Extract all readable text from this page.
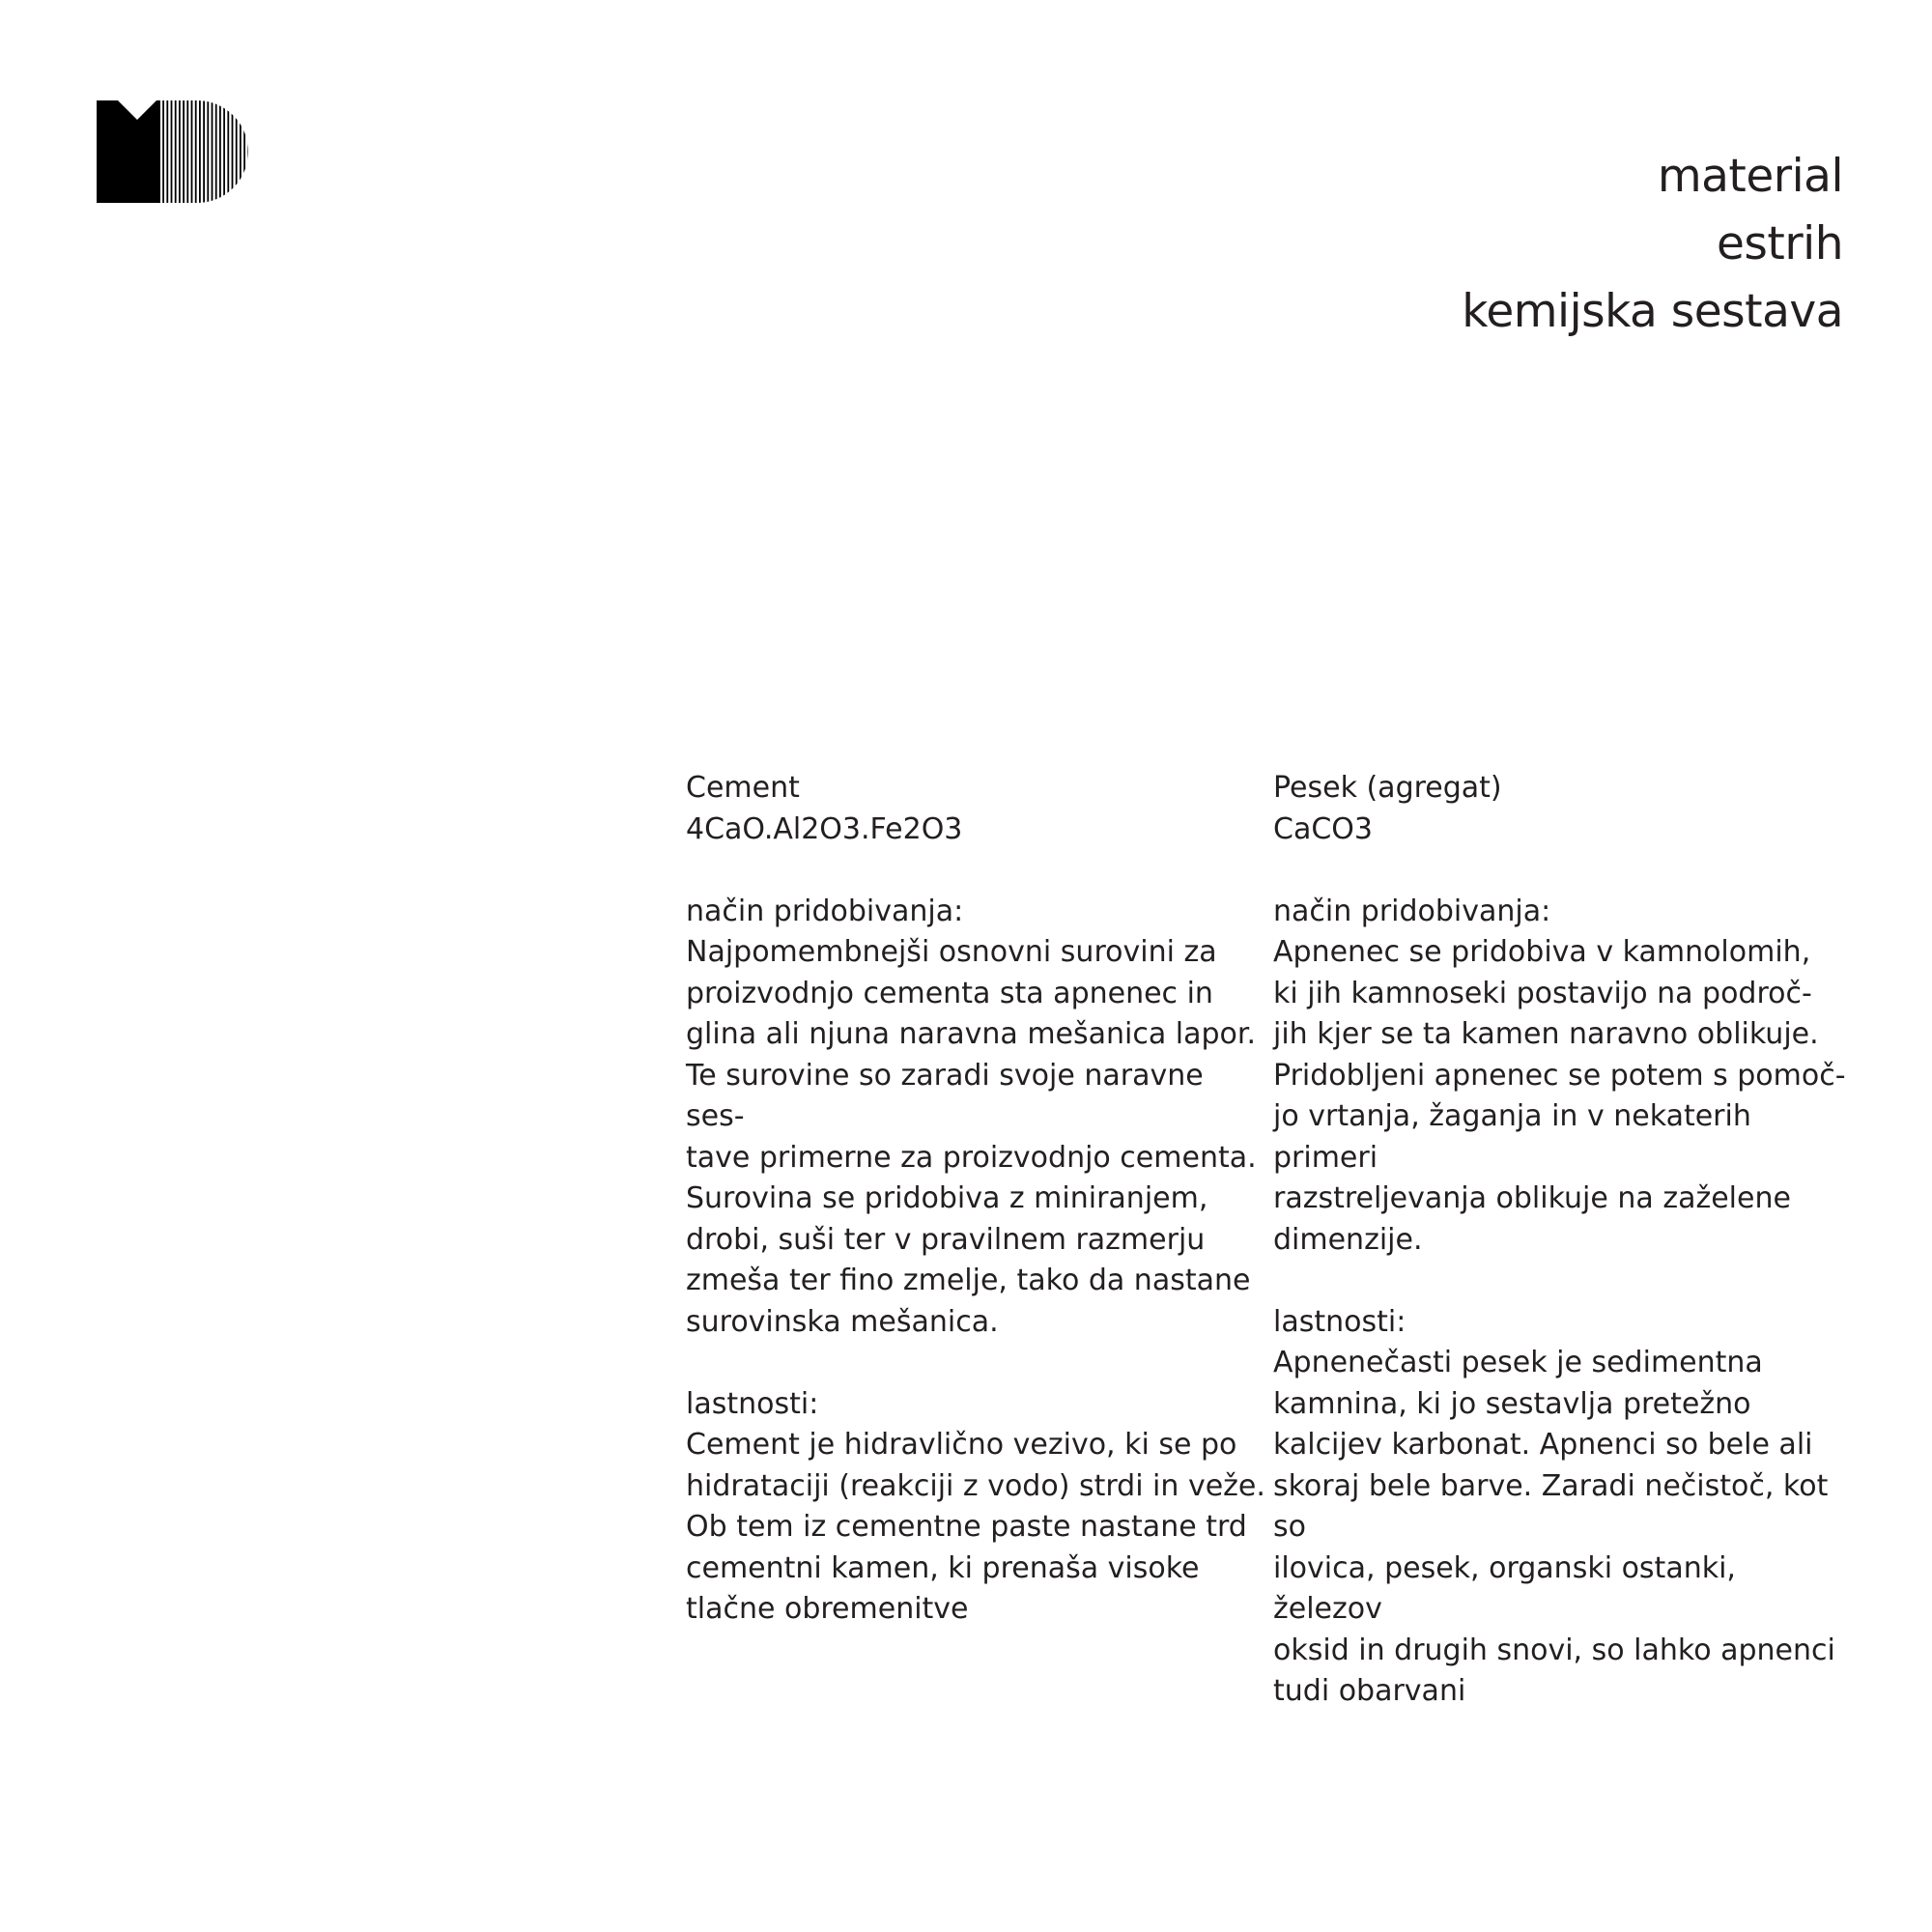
material
estrih
kemijska sestava

Cement

4CaO.Al2O3.Fe2O3

način pridobivanja:

Najpomembnejši osnovni surovini za
proizvodnjo cementa sta apnenec in
glina ali njuna naravna mešanica lapor.
Te surovine so zaradi svoje naravne ses-
tave primerne za proizvodnjo cementa.
Surovina se pridobiva z miniranjem,
drobi, suši ter v pravilnem razmerju
zmeša ter fino zmelje, tako da nastane
surovinska mešanica.

lastnosti:

Cement je hidravlično vezivo, ki se po
hidrataciji (reakciji z vodo) strdi in veže.
Ob tem iz cementne paste nastane trd
cementni kamen, ki prenaša visoke
tlačne obremenitve

Pesek (agregat)

CaCO3

način pridobivanja:

Apnenec se pridobiva v kamnolomih,
ki jih kamnoseki postavijo na področ-
jih kjer se ta kamen naravno oblikuje.
Pridobljeni apnenec se potem s pomoč-
jo vrtanja, žaganja in v nekaterih primeri
razstreljevanja oblikuje na zaželene
dimenzije.

lastnosti:

Apnenečasti pesek je sedimentna
kamnina, ki jo sestavlja pretežno
kalcijev karbonat. Apnenci so bele ali
skoraj bele barve. Zaradi nečistoč, kot so
ilovica, pesek, organski ostanki, železov
oksid in drugih snovi, so lahko apnenci
tudi obarvani
